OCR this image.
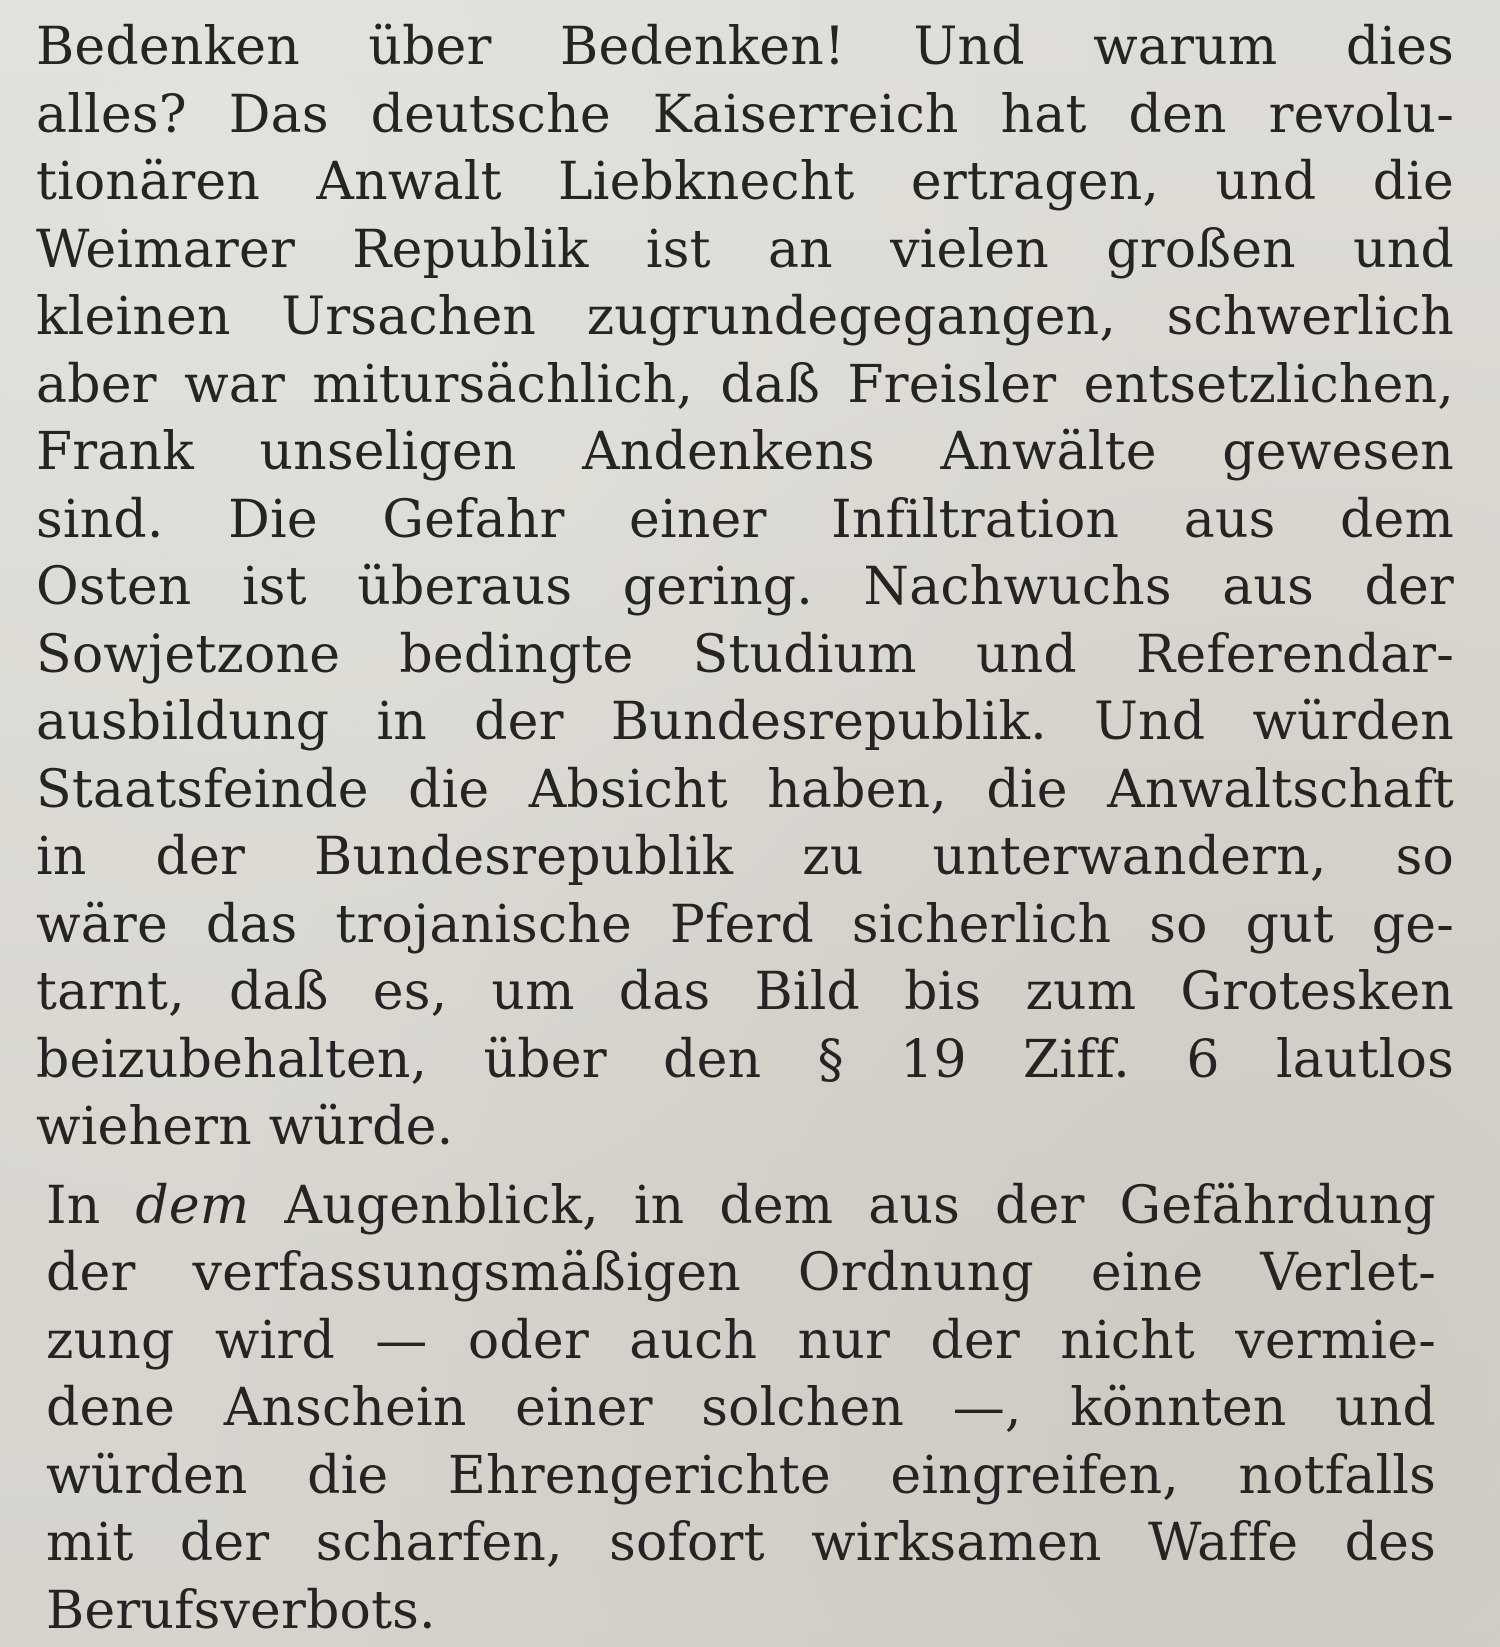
Bedenken über Bedenken! Und warum dies
alles? Das deutsche Kaiserreich hat den revolu-
tionären Anwalt Liebknecht ertragen, und die
Weimarer Republik ist an vielen großen und
kleinen Ursachen zugrundegegangen, schwerlich
aber war mitursächlich, daß Freisler entsetzlichen,
Frank unseligen Andenkens Anwälte gewesen
sind. Die Gefahr einer Infiltration aus dem
Osten ist überaus gering. Nachwuchs aus der
Sowjetzone bedingte Studium und Referendar-
ausbildung in der Bundesrepublik. Und würden
Staatsfeinde die Absicht haben, die Anwaltschaft
in der Bundesrepublik zu unterwandern, so
wäre das trojanische Pferd sicherlich so gut ge-
tarnt, daß es, um das Bild bis zum Grotesken
beizubehalten, über den § 19 Ziff. 6 lautlos
wiehern würde.
In dem Augenblick, in dem aus der Gefährdung
der verfassungsmäßigen Ordnung eine Verlet-
zung wird — oder auch nur der nicht vermie-
dene Anschein einer solchen —, könnten und
würden die Ehrengerichte eingreifen, notfalls
mit der scharfen, sofort wirksamen Waffe des
Berufsverbots.
